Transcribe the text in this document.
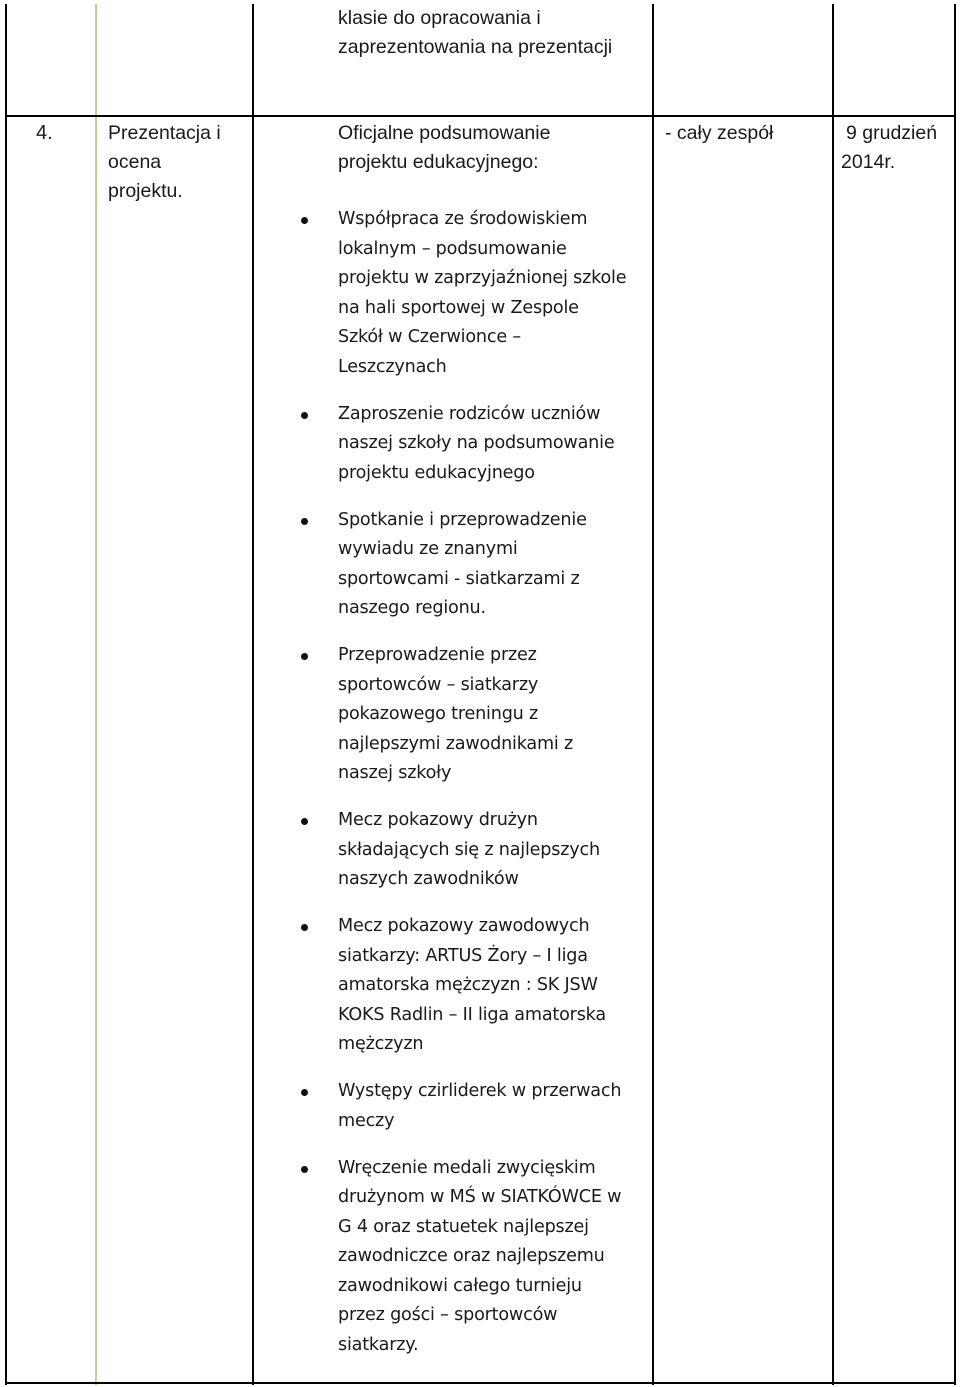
klasie do opracowania i

zaprezentowania na prezentacji

4.	Prezentacja i

ocena

projektu.

Oficjalne podsumowanie

projektu edukacyjnego:

Współpraca ze środowiskiem
lokalnym – podsumowanie
projektu w zaprzyjaźnionej szkole
na hali sportowej w Zespole
Szkół w Czerwionce –
Leszczynach
Zaproszenie rodziców uczniów
naszej szkoły na podsumowanie
projektu edukacyjnego
Spotkanie i przeprowadzenie
wywiadu ze znanymi
sportowcami - siatkarzami z
naszego regionu.
Przeprowadzenie przez
sportowców – siatkarzy
pokazowego treningu z
najlepszymi zawodnikami z
naszej szkoły
Mecz pokazowy drużyn
składających się z najlepszych
naszych zawodników
Mecz pokazowy zawodowych
siatkarzy: ARTUS Żory – I liga
amatorska mężczyzn : SK JSW
KOKS Radlin – II liga amatorska
mężczyzn
Występy czirliderek w przerwach
meczy
Wręczenie medali zwycięskim
drużynom w MŚ w SIATKÓWCE w
G 4 oraz statuetek najlepszej
zawodniczce oraz najlepszemu
zawodnikowi całego turnieju
przez gości – sportowców
siatkarzy.

- cały zespół	9 grudzień

2014r.
